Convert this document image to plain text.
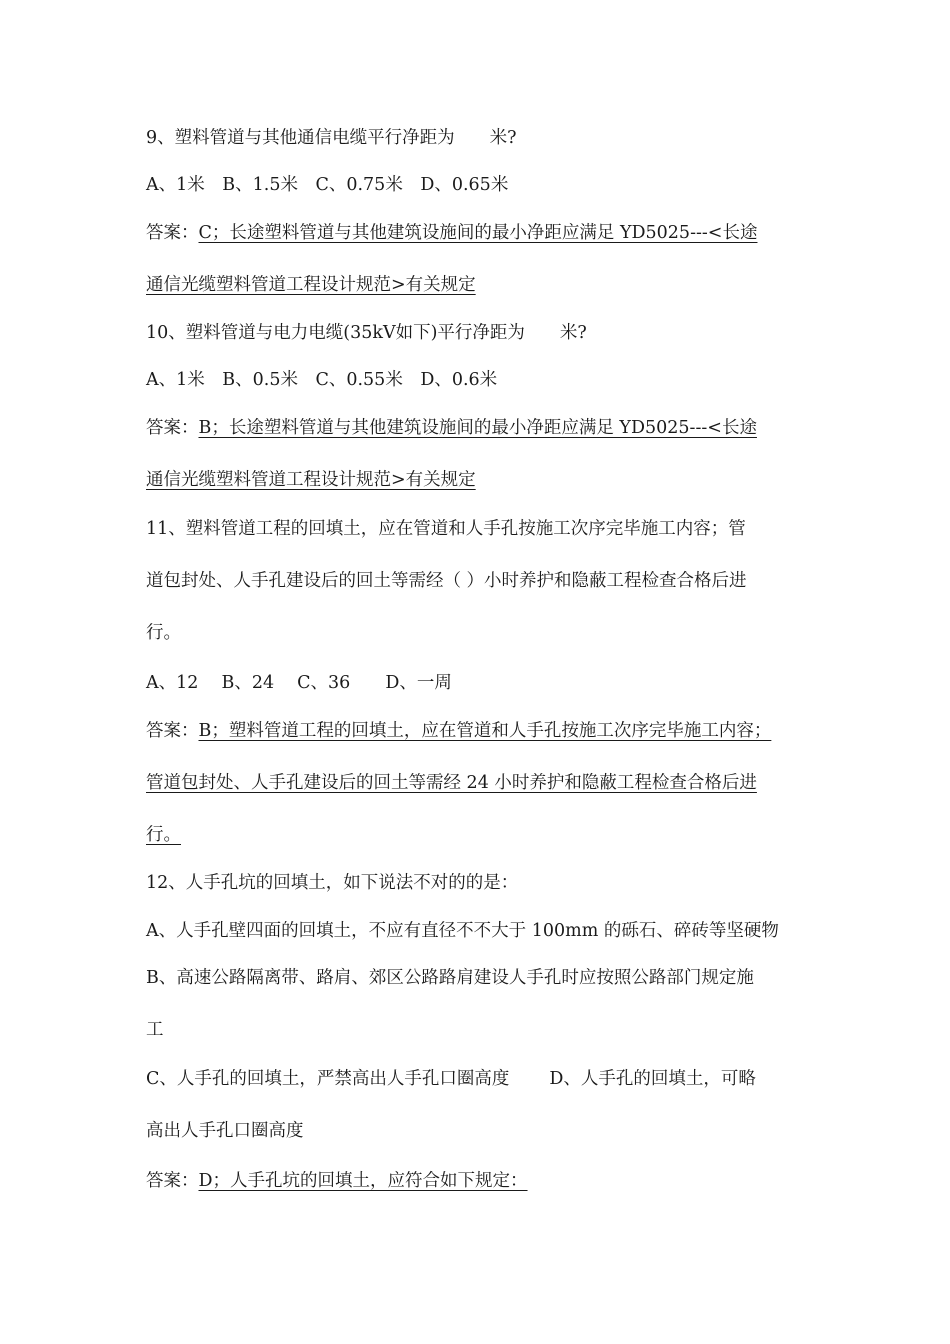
9、塑料管道与其他通信电缆平行净距为　　米?
A、1米　B、1.5米　C、0.75米　D、0.65米
答案：C；长途塑料管道与其他建筑设施间的最小净距应满足 YD5025---<长途
通信光缆塑料管道工程设计规范>有关规定
10、塑料管道与电力电缆(35kV如下)平行净距为　　米?
A、1米　B、0.5米　C、0.55米　D、0.6米
答案：B；长途塑料管道与其他建筑设施间的最小净距应满足 YD5025---<长途
通信光缆塑料管道工程设计规范>有关规定
11、塑料管道工程的回填土，应在管道和人手孔按施工次序完毕施工内容；管
道包封处、人手孔建设后的回土等需经（ ）小时养护和隐蔽工程检查合格后进
行。
A、12　 B、24　 C、36　　D、一周
答案：B；塑料管道工程的回填土，应在管道和人手孔按施工次序完毕施工内容；
管道包封处、人手孔建设后的回土等需经 24 小时养护和隐蔽工程检查合格后进
行。
12、人手孔坑的回填土，如下说法不对的的是：
A、人手孔壁四面的回填土，不应有直径不不大于 100mm 的砾石、碎砖等坚硬物
B、高速公路隔离带、路肩、郊区公路路肩建设人手孔时应按照公路部门规定施
工
C、人手孔的回填土，严禁高出人手孔口圈高度 D、人手孔的回填土，可略
高出人手孔口圈高度
答案：D；人手孔坑的回填土，应符合如下规定：
